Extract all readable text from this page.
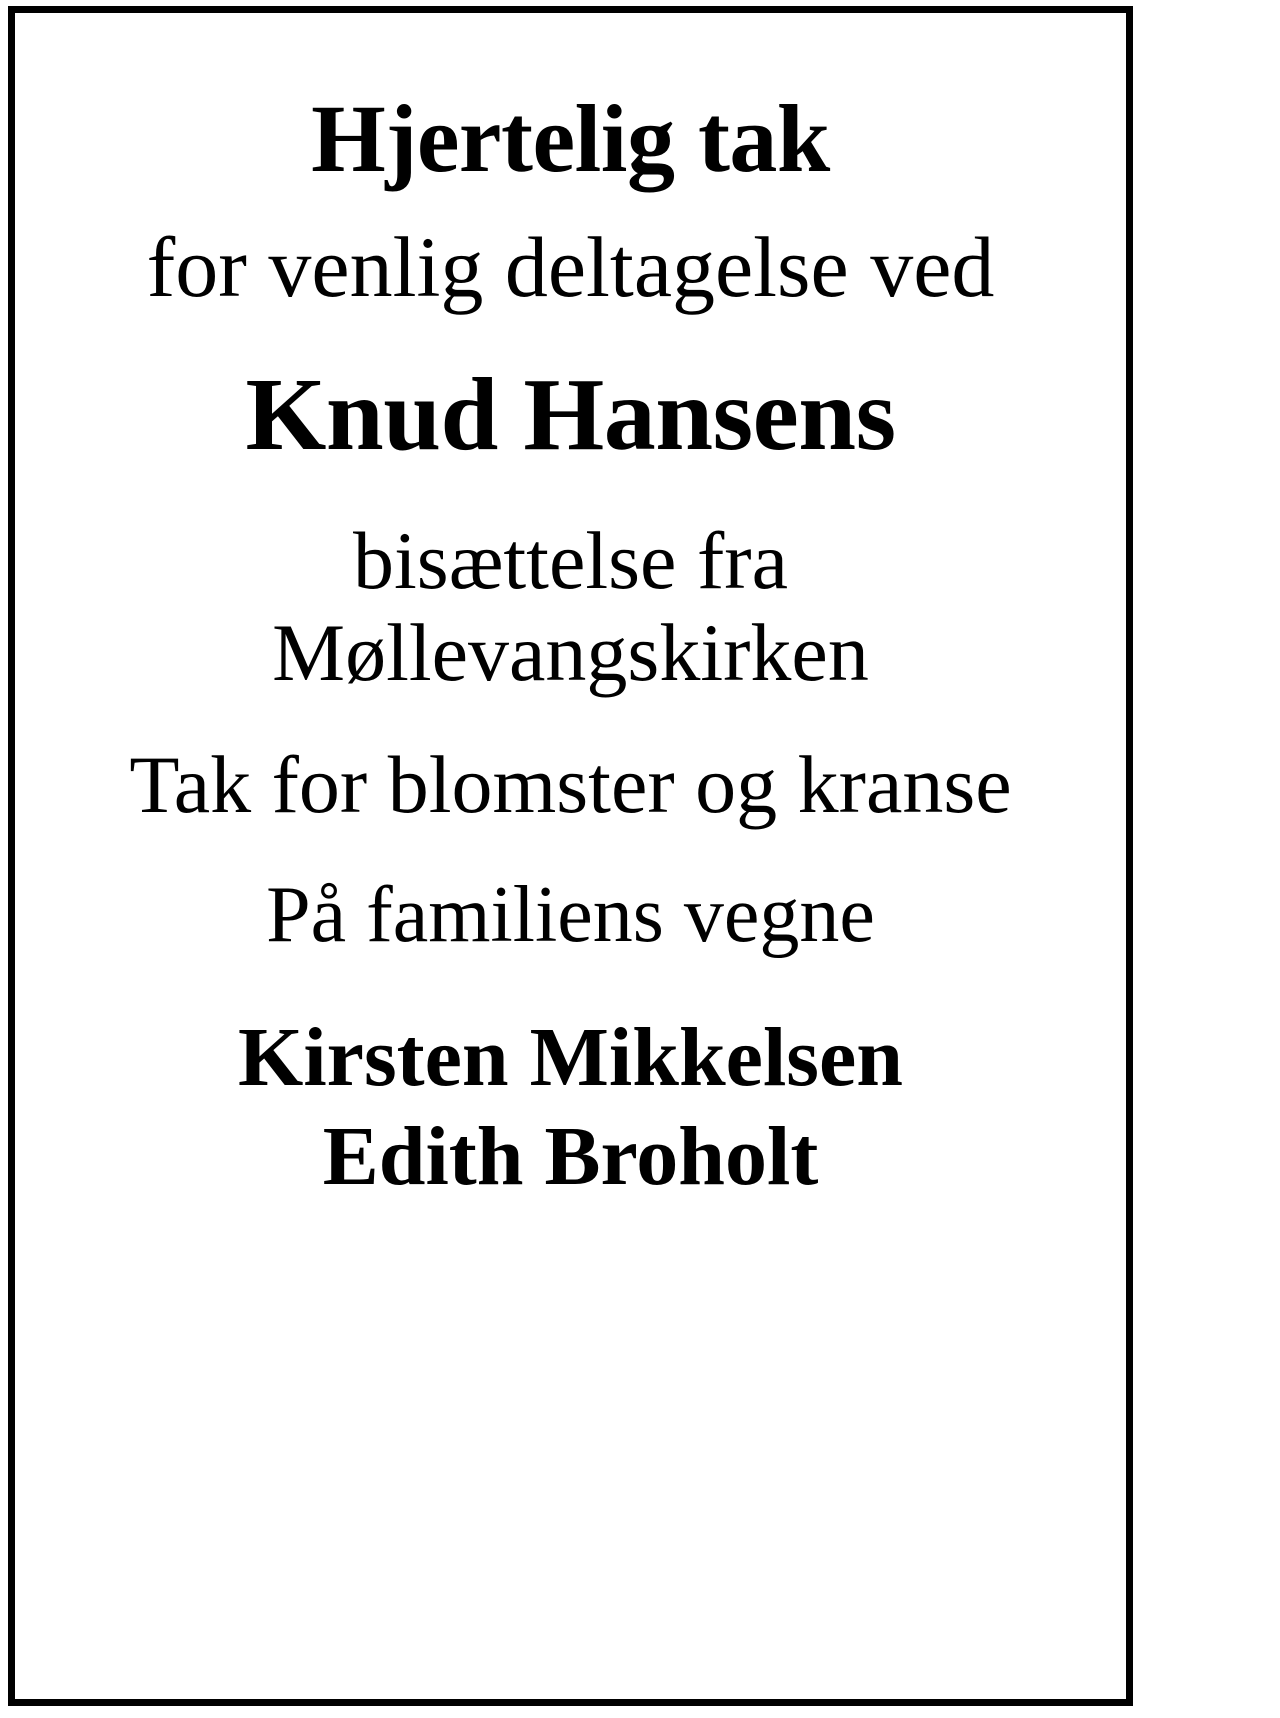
Hjertelig tak
for venlig deltagelse ved
Knud Hansens
bisættelse fra Møllevangskirken
Tak for blomster og kranse
På familiens vegne
Kirsten Mikkelsen
Edith Broholt
